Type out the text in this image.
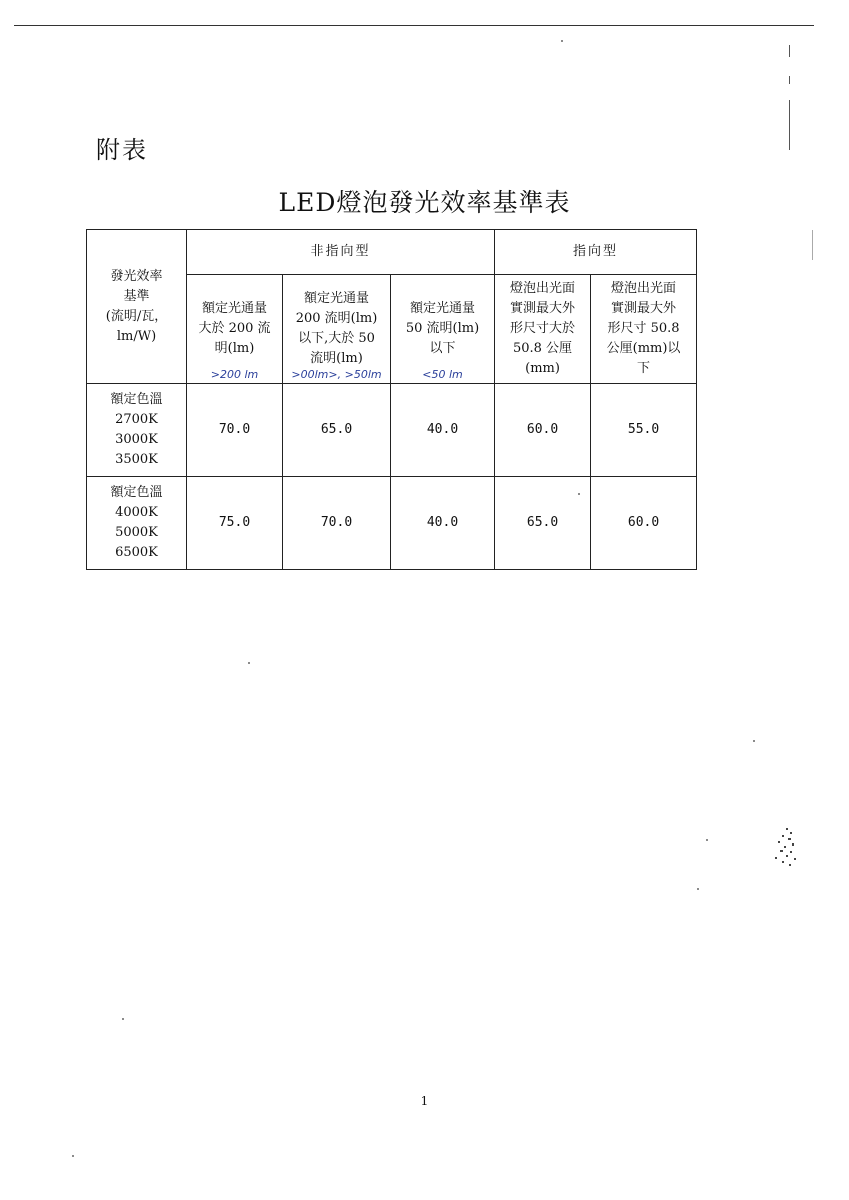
附表
LED燈泡發光效率基準表
發光效率
基準
(流明/瓦，
lm/W)	非指向型			指向型	

	額定光通量
大於 200 流
明(lm)
>200 lm	額定光通量
200 流明(lm)
以下,大於 50
流明(lm)
>00lm>, >50lm	額定光通量
50 流明(lm)
以下
<50 lm	燈泡出光面
實測最大外
形尺寸大於
50.8 公厘
(mm)	燈泡出光面
實測最大外
形尺寸 50.8
公厘(mm)以
下

額定色溫
2700K
3000K
3500K	70.0	65.0	40.0	60.0	55.0
額定色溫
4000K
5000K
6500K	75.0	70.0	40.0	65.0	60.0
1
